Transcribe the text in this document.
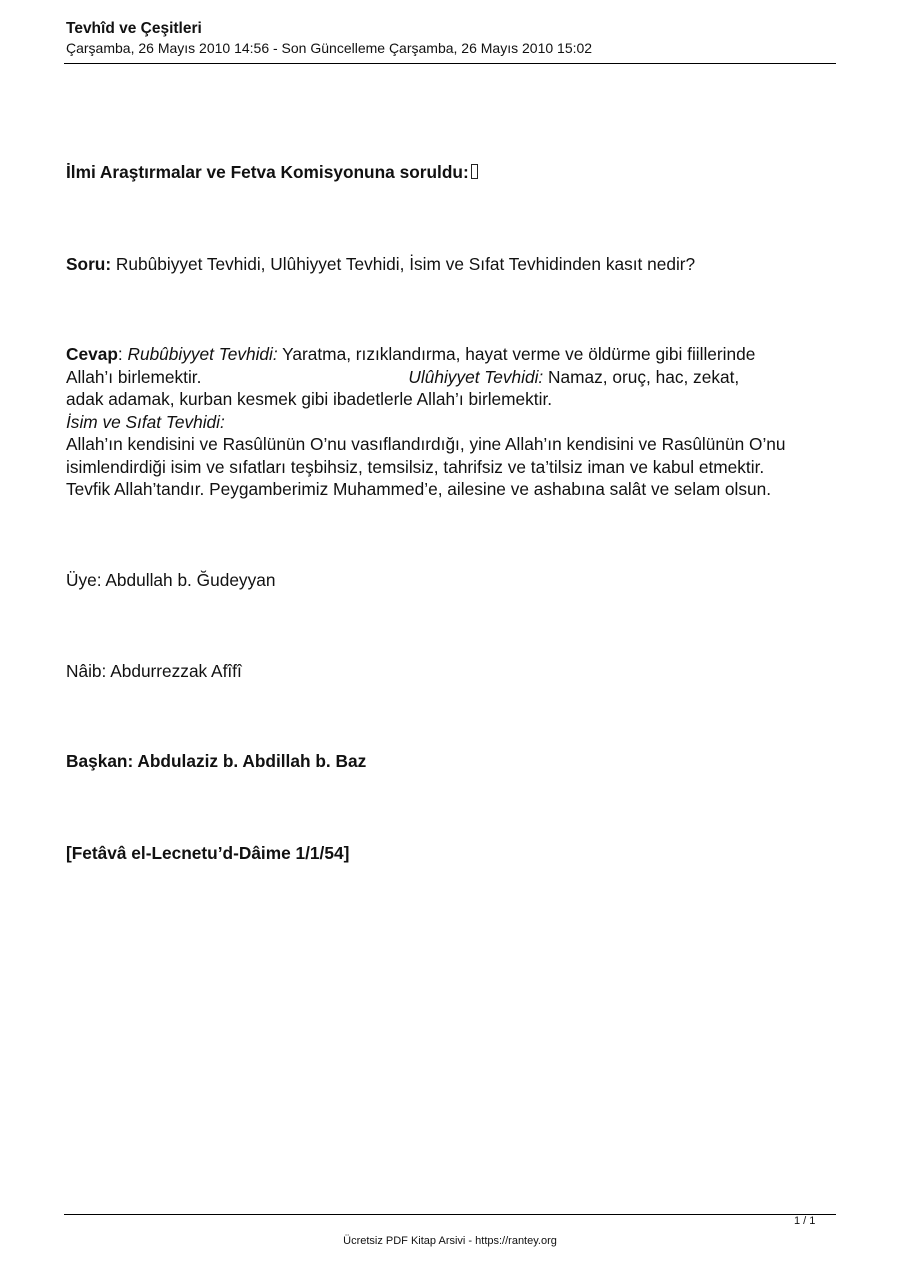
Tevhîd ve Çeşitleri
Çarşamba, 26 Mayıs 2010 14:56 - Son Güncelleme Çarşamba, 26 Mayıs 2010 15:02
İlmi Araştırmalar ve Fetva Komisyonuna soruldu:
Soru: Rubûbiyyet Tevhidi, Ulûhiyyet Tevhidi, İsim ve Sıfat Tevhidinden kasıt nedir?
Cevap: Rubûbiyyet Tevhidi: Yaratma, rızıklandırma, hayat verme ve öldürme gibi fiillerinde
Allah’ı birlemektir.	Ulûhiyyet Tevhidi: Namaz, oruç, hac, zekat,
adak adamak, kurban kesmek gibi ibadetlerle Allah’ı birlemektir.
İsim ve Sıfat Tevhidi:
Allah’ın kendisini ve Rasûlünün O’nu vasıflandırdığı, yine Allah’ın kendisini ve Rasûlünün O’nu
isimlendirdiği isim ve sıfatları teşbihsiz, temsilsiz, tahrifsiz ve ta’tilsiz iman ve kabul etmektir.
Tevfik Allah’tandır. Peygamberimiz Muhammed’e, ailesine ve ashabına salât ve selam olsun.
Üye: Abdullah b. Ğudeyyan
Nâib: Abdurrezzak Afîfî
Başkan: Abdulaziz b. Abdillah b. Baz
[Fetâvâ el-Lecnetu’d-Dâime 1/1/54]
1 / 1
Ücretsiz PDF Kitap Arsivi - https://rantey.org
